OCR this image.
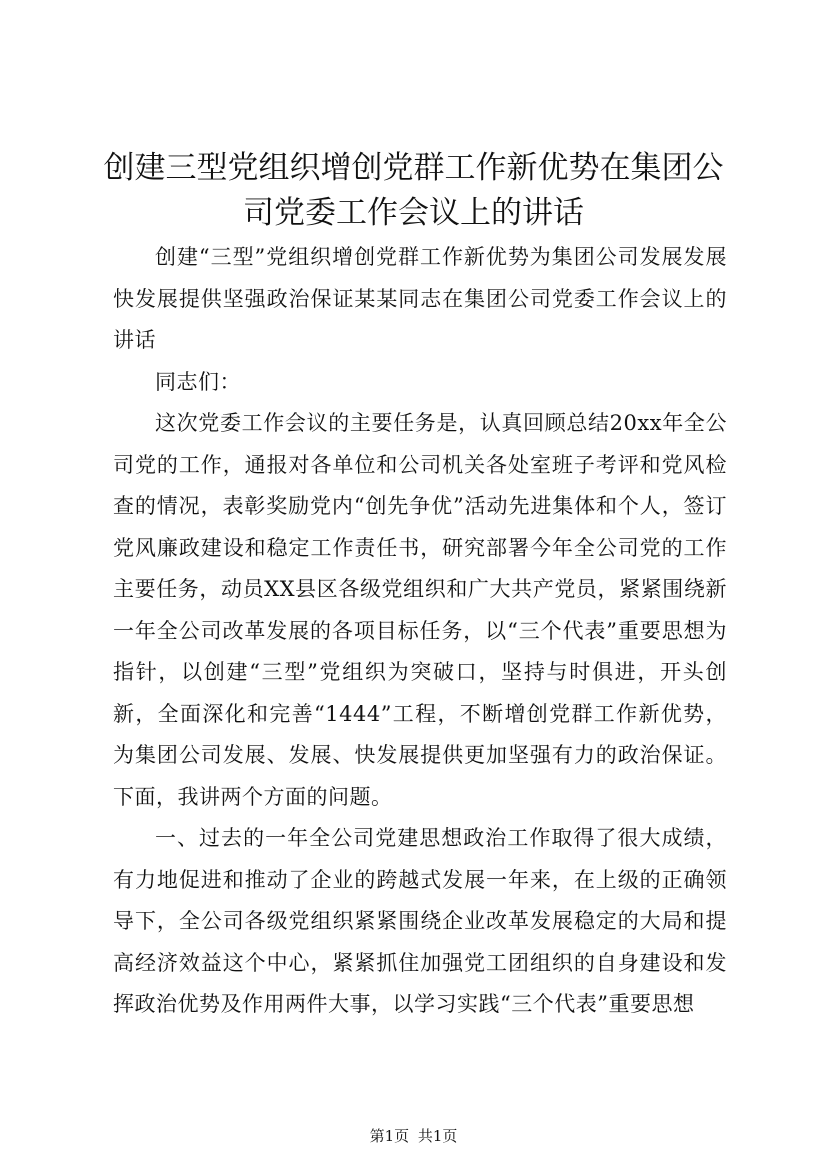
创建三型党组织增创党群工作新优势在集团公司党委工作会议上的讲话

创建“三型”党组织增创党群工作新优势为集团公司发展发展快发展提供坚强政治保证某某同志在集团公司党委工作会议上的讲话

同志们：

这次党委工作会议的主要任务是，认真回顾总结20xx年全公司党的工作，通报对各单位和公司机关各处室班子考评和党风检查的情况，表彰奖励党内“创先争优”活动先进集体和个人，签订党风廉政建设和稳定工作责任书，研究部署今年全公司党的工作主要任务，动员XX县区各级党组织和广大共产党员，紧紧围绕新一年全公司改革发展的各项目标任务，以“三个代表”重要思想为指针，以创建“三型”党组织为突破口，坚持与时俱进，开头创新，全面深化和完善“1444”工程，不断增创党群工作新优势，为集团公司发展、发展、快发展提供更加坚强有力的政治保证。下面，我讲两个方面的问题。

一、过去的一年全公司党建思想政治工作取得了很大成绩，有力地促进和推动了企业的跨越式发展一年来，在上级的正确领导下，全公司各级党组织紧紧围绕企业改革发展稳定的大局和提高经济效益这个中心，紧紧抓住加强党工团组织的自身建设和发挥政治优势及作用两件大事，以学习实践“三个代表”重要思想

第1页 共1页
